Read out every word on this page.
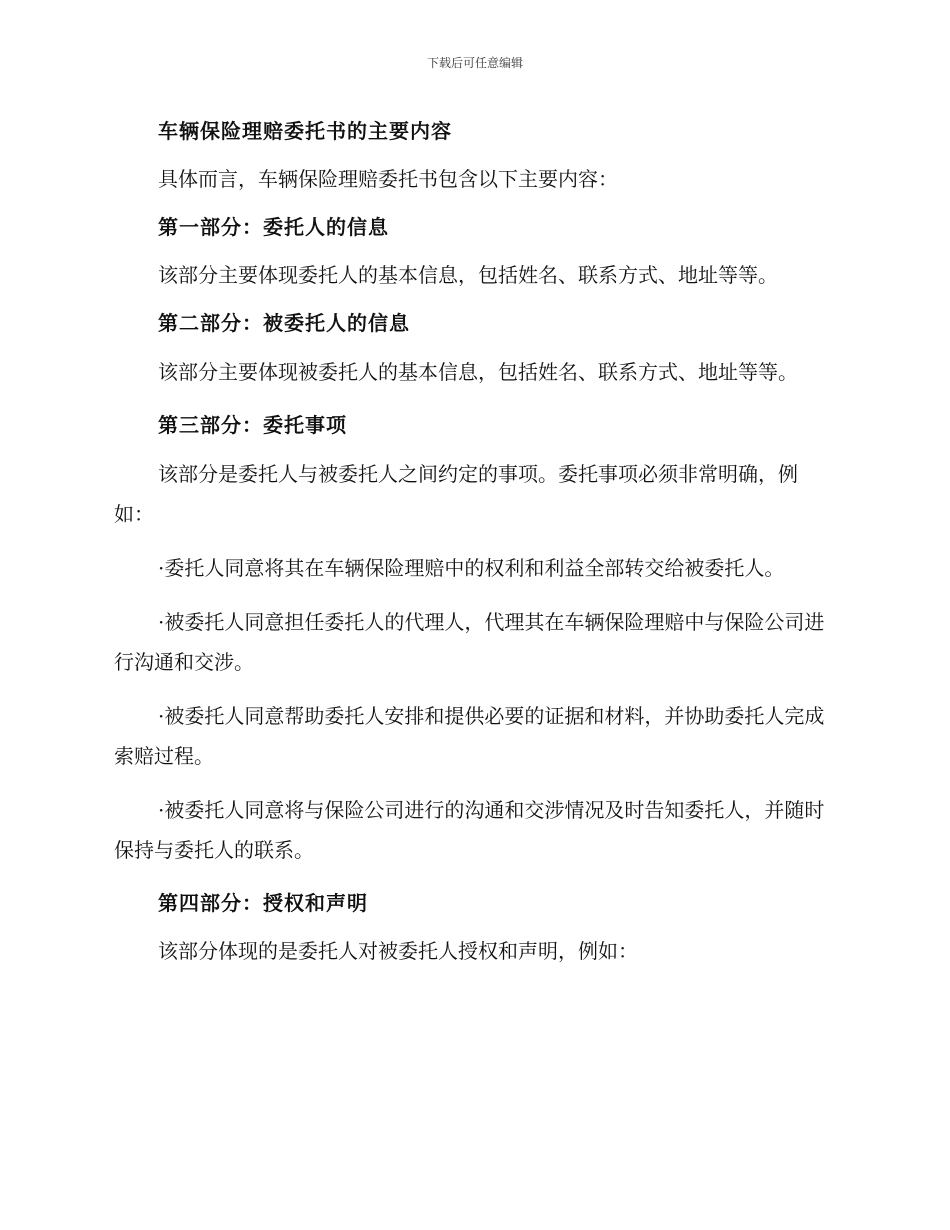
下载后可任意编辑

车辆保险理赔委托书的主要内容

具体而言，车辆保险理赔委托书包含以下主要内容：

第一部分：委托人的信息

该部分主要体现委托人的基本信息，包括姓名、联系方式、地址等等。

第二部分：被委托人的信息

该部分主要体现被委托人的基本信息，包括姓名、联系方式、地址等等。

第三部分：委托事项

该部分是委托人与被委托人之间约定的事项。委托事项必须非常明确，例如：

·委托人同意将其在车辆保险理赔中的权利和利益全部转交给被委托人。

·被委托人同意担任委托人的代理人，代理其在车辆保险理赔中与保险公司进行沟通和交涉。

·被委托人同意帮助委托人安排和提供必要的证据和材料，并协助委托人完成索赔过程。

·被委托人同意将与保险公司进行的沟通和交涉情况及时告知委托人，并随时保持与委托人的联系。

第四部分：授权和声明

该部分体现的是委托人对被委托人授权和声明，例如：
